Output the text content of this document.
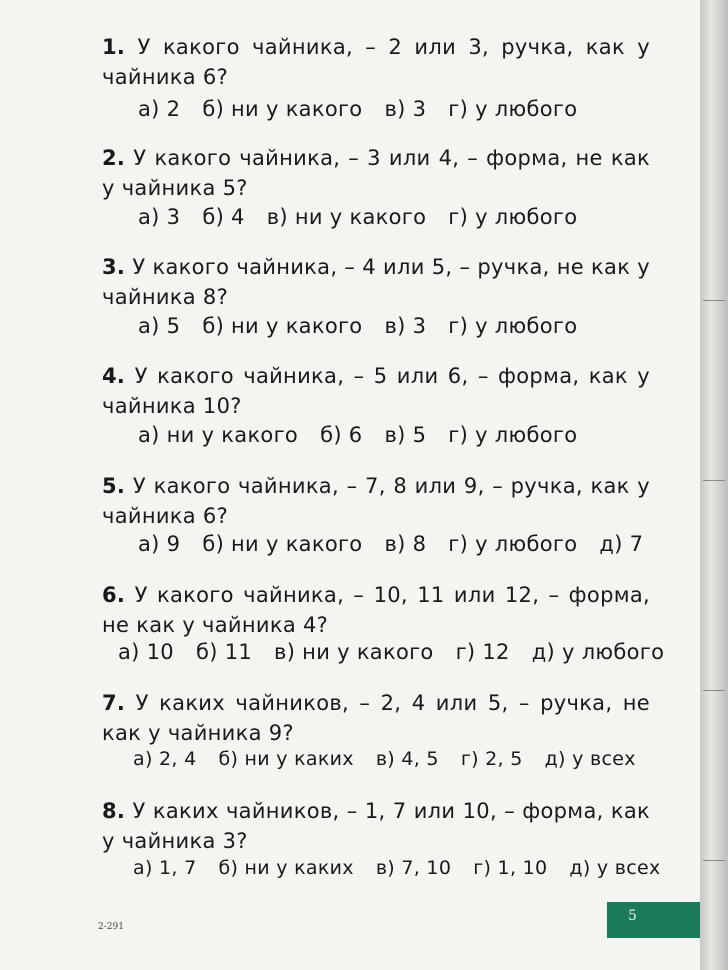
1. У какого чайника, – 2 или 3, ручка, как у чайника 6?
а) 2 б) ни у какого в) 3 г) у любого
2. У какого чайника, – 3 или 4, – форма, не как у чайника 5?
а) 3 б) 4 в) ни у какого г) у любого
3. У какого чайника, – 4 или 5, – ручка, не как у чайника 8?
а) 5 б) ни у какого в) 3 г) у любого
4. У какого чайника, – 5 или 6, – форма, как у чайника 10?
а) ни у какого б) 6 в) 5 г) у любого
5. У какого чайника, – 7, 8 или 9, – ручка, как у чайника 6?
а) 9 б) ни у какого в) 8 г) у любого д) 7
6. У какого чайника, – 10, 11 или 12, – форма, не как у чайника 4?
а) 10 б) 11 в) ни у какого г) 12 д) у любого
7. У каких чайников, – 2, 4 или 5, – ручка, не как у чайника 9?
а) 2, 4 б) ни у каких в) 4, 5 г) 2, 5 д) у всех
8. У каких чайников, – 1, 7 или 10, – форма, как у чайника 3?
а) 1, 7 б) ни у каких в) 7, 10 г) 1, 10 д) у всех
2-291
5
